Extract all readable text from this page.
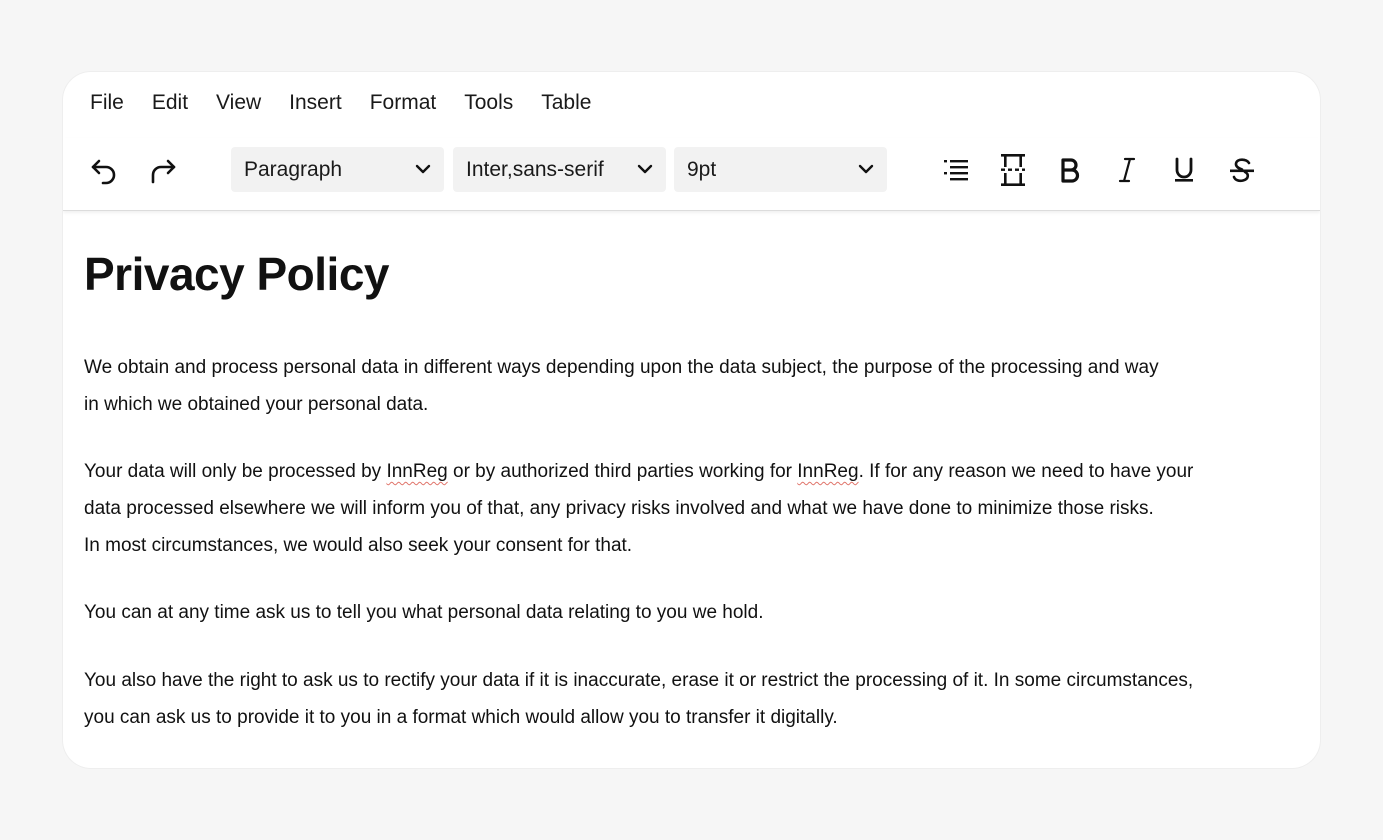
File Edit View Insert Format Tools Table
Paragraph	Inter,sans-serif	9pt
Privacy Policy

We obtain and process personal data in different ways depending upon the data subject, the purpose of the processing and way

in which we obtained your personal data.

Your data will only be processed by InnReg or by authorized third parties working for InnReg. If for any reason we need to have your

data processed elsewhere we will inform you of that, any privacy risks involved and what we have done to minimize those risks.

In most circumstances, we would also seek your consent for that.

You can at any time ask us to tell you what personal data relating to you we hold.

You also have the right to ask us to rectify your data if it is inaccurate, erase it or restrict the processing of it. In some circumstances,

you can ask us to provide it to you in a format which would allow you to transfer it digitally.
